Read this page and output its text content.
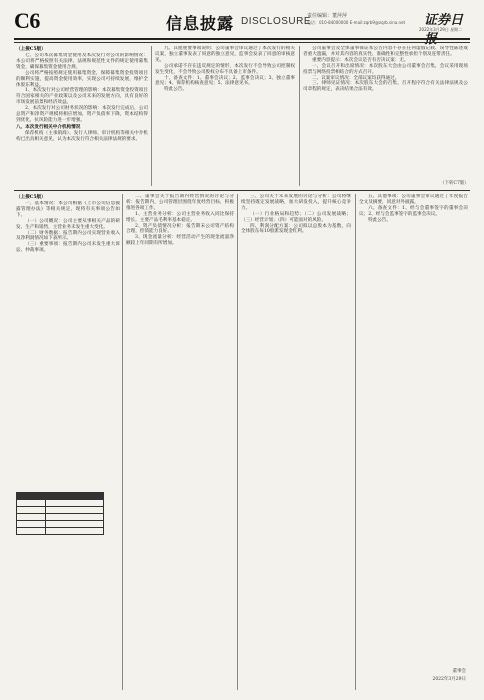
C6	信息披露 DISCLOSURE
责任编辑：董萍萍
电话：010-84000000 E-mail:zqrb9@zqrb.sina.net 证券日
2022年3月29日 星期二
（上接C5版）

七、公司本次募集资金使用及本次发行对公司的影响情况：本公司将严格按照有关法律、法规和规范性文件的规定使用募集资金，确保募集资金使用合规。

公司将严格按照规定使用募集资金，保障募集资金投资项目的顺利实施，提高资金使用效率，实现公司可持续发展，维护全体股东利益。

1、本次发行对公司经营管理的影响：本次募集资金投资项目符合国家相关的产业政策以及公司未来的发展方向，具有良好的市场发展前景和经济效益。

2、本次发行对公司财务状况的影响：本次发行完成后，公司总资产和净资产规模将相应增加，资产负债率下降，资本结构得到优化，抗风险能力进一步增强。

八、本次发行相关中介机构情况

保荐机构（主承销商）、发行人律师、审计机构等相关中介机构已出具相关意见，认为本次发行符合相关法律法规的要求。

九、其他重要事项说明：公司董事会审议通过了本次发行的相关议案，独立董事发表了同意的独立意见，监事会发表了同意的审核意见。

公司承诺不存在违反规定的情形，本次发行不会导致公司控制权发生变化，不会导致公司股权分布不具备上市条件。

十、备查文件：1、董事会决议；2、监事会决议；3、独立董事意见；4、保荐机构核查意见；5、法律意见书。

特此公告。

公司董事会及全体董事保证本公告内容不存在任何虚假记载、误导性陈述或者重大遗漏，并对其内容的真实性、准确性和完整性承担个别及连带责任。

重要内容提示：本次会议是否有否决议案：无。

一、会议召开和出席情况：本次股东大会由公司董事会召集，会议采用现场投票与网络投票相结合的方式召开。

二、议案审议情况：全部议案均获得通过。

三、律师见证情况：本次股东大会的召集、召开程序符合有关法律法规及公司章程的规定，表决结果合法有效。

（下转C7版）
（上接C5版）

一、基本情况：本公司根据《上市公司信息披露管理办法》等相关规定，现将有关事项公告如下。

（一）公司概况：公司主要从事相关产品的研发、生产和销售，主营业务未发生重大变化。

（二）财务数据：报告期内公司实现营业收入及净利润情况如下表所示。

（三）重要事项：报告期内公司未发生重大诉讼、仲裁事项。

二、董事会关于报告期内经营情况的讨论与分析：报告期内，公司管理层围绕年度经营目标，积极推进各项工作。

1、主营业务分析：公司主营业务收入同比保持增长，主要产品毛利率基本稳定。

2、资产负债情况分析：报告期末公司资产结构合理，偿债能力良好。

3、现金流量分析：经营活动产生的现金流量净额较上年同期有所增加。

三、公司关于未来发展的讨论与分析：公司将继续坚持既定发展战略，加大研发投入，提升核心竞争力。

（一）行业格局和趋势；（二）公司发展战略；（三）经营计划；（四）可能面对的风险。

四、利润分配方案：公司拟以总股本为基数，向全体股东每10股派发现金红利。

五、其他事项：公司董事会审议通过了年度报告全文及摘要，同意对外披露。

六、备查文件：1、经与会董事签字的董事会决议；2、经与会监事签字的监事会决议。

特此公告。

董事会
2022年3月29日
